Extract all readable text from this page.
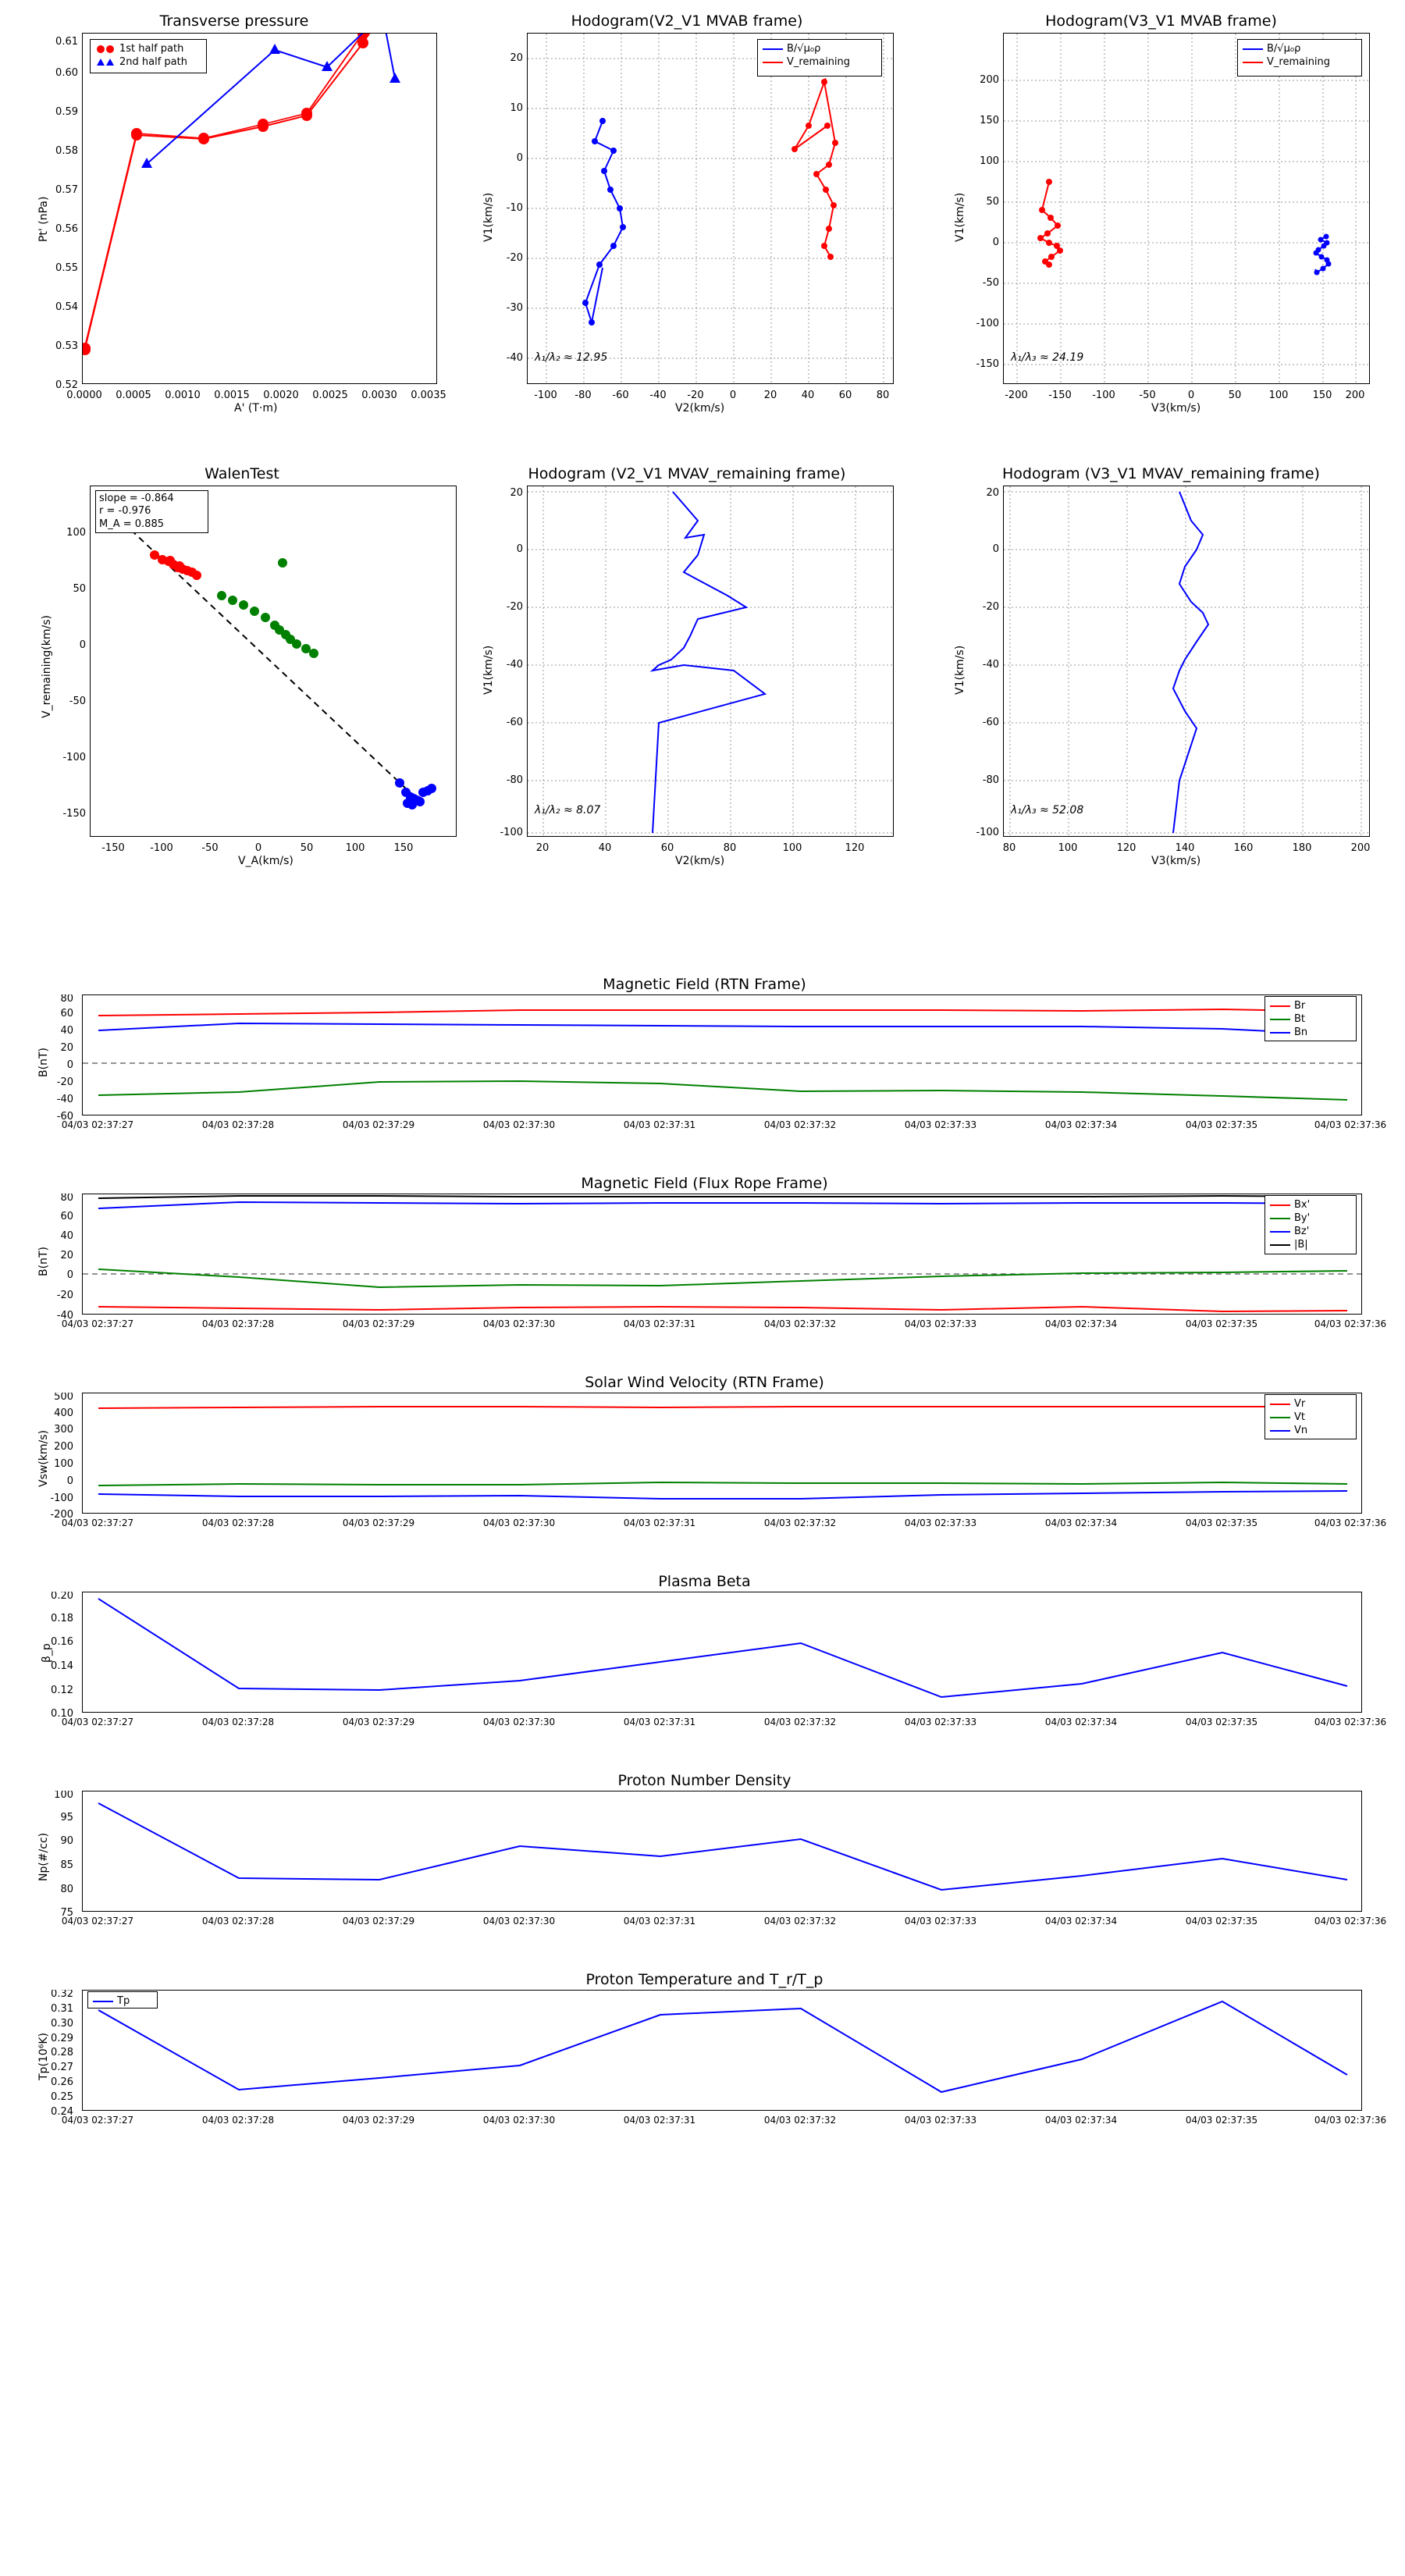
Transverse pressure
0.52
0.53
0.54
0.55
0.56
0.57
0.58
0.59
0.60
0.61
0.0000 0.0005 0.0010 0.0015 0.0020 0.0025 0.0030 0.0035
A' (T·m)
Pt' (nPa)
1st half path
2nd half path
Hodogram(V2_V1 MVAB frame)
-40
-30
-20
-10
0
10
20
-100 -80 -60 -40 -20	0	20 40 60 80
V2(km/s)
V1(km/s)
B/√μ₀ρ
V_remaining
λ₁/λ₂ ≈ 12.95
Hodogram(V3_V1 MVAB frame)
-150
-100
-50
0
50
100
150
200
-200 -150 -100 -50	0	50	100 150 200
V3(km/s)
V1(km/s)
B/√μ₀ρ
V_remaining
λ₁/λ₃ ≈ 24.19
WalenTest
-150
-100
-50
0
50
100
-150 -100	-50	0	50	100	150
V_A(km/s)
V_remaining(km/s)
slope = -0.864
r = -0.976
M_A = 0.885
Hodogram (V2_V1 MVAV_remaining frame)
-100
-80
-60
-40
-20
0
20
20	40	60	80	100	120
V2(km/s)
V1(km/s)
λ₁/λ₂ ≈ 8.07
Hodogram (V3_V1 MVAV_remaining frame)
-100
-80
-60
-40
-20
0
20
80	100	120	140	160	180	200
V3(km/s)
V1(km/s)
λ₁/λ₃ ≈ 52.08
Magnetic Field (RTN Frame)
-60
-40
-20
0
20
40
60
80
B(nT)
04/03 02:37:27	04/03 02:37:28	04/03 02:37:29	04/03 02:37:30	04/03 02:37:31	04/03 02:37:32	04/03 02:37:33	04/03 02:37:34	04/03 02:37:35	04/03 02:37:36
Br
Bt
Bn
Magnetic Field (Flux Rope Frame)
-40
-20
0
20
40
60
80
B(nT)
04/03 02:37:27	04/03 02:37:28	04/03 02:37:29	04/03 02:37:30	04/03 02:37:31	04/03 02:37:32	04/03 02:37:33	04/03 02:37:34	04/03 02:37:35	04/03 02:37:36
Bx'
By'
Bz'
|B|
Solar Wind Velocity (RTN Frame)
-200
-100
0
100
200
300
400
500
Vsw(km/s)
04/03 02:37:27	04/03 02:37:28	04/03 02:37:29	04/03 02:37:30	04/03 02:37:31	04/03 02:37:32	04/03 02:37:33	04/03 02:37:34	04/03 02:37:35	04/03 02:37:36
Vr
Vt
Vn
Plasma Beta
0.10
0.12
0.14
0.16
0.18
0.20
β_p
04/03 02:37:27	04/03 02:37:28	04/03 02:37:29	04/03 02:37:30	04/03 02:37:31	04/03 02:37:32	04/03 02:37:33	04/03 02:37:34	04/03 02:37:35	04/03 02:37:36
Proton Number Density
75
80
85
90
95
100
Np(#/cc)
04/03 02:37:27	04/03 02:37:28	04/03 02:37:29	04/03 02:37:30	04/03 02:37:31	04/03 02:37:32	04/03 02:37:33	04/03 02:37:34	04/03 02:37:35	04/03 02:37:36
Proton Temperature and T_r/T_p
0.24
0.25
0.26
0.27
0.28
0.29
0.30
0.31
0.32
Tp(10⁶K)
04/03 02:37:27	04/03 02:37:28	04/03 02:37:29	04/03 02:37:30	04/03 02:37:31	04/03 02:37:32	04/03 02:37:33	04/03 02:37:34	04/03 02:37:35	04/03 02:37:36
Tp
